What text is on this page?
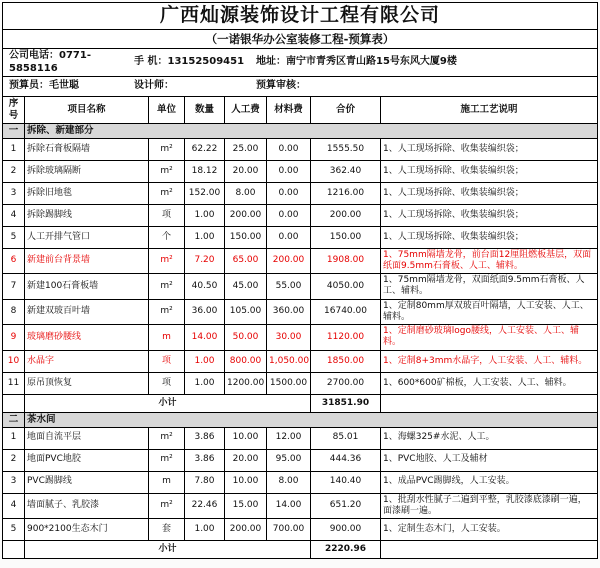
广西灿源装饰设计工程有限公司							
（一诺银华办公室装修工程-预算表）							

公司电话：0771-5858116
手 机：13152509451 地址：南宁市青秀区青山路15号东风大厦9楼							

预算员：毛世聪 设计师： 预算审核：							

序号	项目名称	单位	数量	人工费	材料费	合价	施工工艺说明
一	拆除、新建部分						
1	拆除石膏板隔墙	m²	62.22	25.00	0.00	1555.50	1、人工现场拆除、收集装编织袋；
2	拆除玻璃隔断	m²	18.12	20.00	0.00	362.40	1、人工现场拆除、收集装编织袋；
3	拆除旧地毯	m²	152.00	8.00	0.00	1216.00	1、人工现场拆除、收集装编织袋；
4	拆除踢脚线	项	1.00	200.00	0.00	200.00	1、人工现场拆除、收集装编织袋；
5	人工开排气管口	个	1.00	150.00	0.00	150.00	1、人工现场拆除、收集装编织袋；
6	新建前台背景墙	m²	7.20	65.00	200.00	1908.00	1、75mm隔墙龙骨，前台面12厘阻燃板基层，双面纸面9.5mm石膏板、人工、辅料。
7	新建100石膏板墙	m²	40.50	45.00	55.00	4050.00	1、75mm隔墙龙骨，双面纸面9.5mm石膏板、人工、辅料。
8	新建双玻百叶墙	m²	36.00	105.00	360.00	16740.00	1、定制80mm厚双玻百叶隔墙，人工安装、人工、辅料。
9	玻璃磨砂腰线	m	14.00	50.00	30.00	1120.00	1、定制磨砂玻璃logo腰线，人工安装、人工、辅料。
10	水晶字	项	1.00	800.00	1,050.00	1850.00	1、定制8+3mm水晶字，人工安装、人工、辅料。
11	原吊顶恢复	项	1.00	1200.00	1500.00	2700.00	1、600*600矿棉板，人工安装、人工、辅料。
	小计					31851.90	
二	茶水间						
1	地面自流平层	m²	3.86	10.00	12.00	85.01	1、海螺325#水泥、人工。
2	地面PVC地胶	m²	3.86	20.00	95.00	444.36	1、PVC地胶、人工及辅材
3	PVC踢脚线	m	7.80	10.00	8.00	140.40	1、成品PVC踢脚线，人工安装。
4	墙面腻子、乳胶漆	m²	22.46	15.00	14.00	651.20	1、批刮水性腻子二遍到平整，乳胶漆底漆刷一遍，面漆刷一遍。
5	900*2100生态木门	套	1.00	200.00	700.00	900.00	1、定制生态木门，人工安装。
	小计					2220.96	
